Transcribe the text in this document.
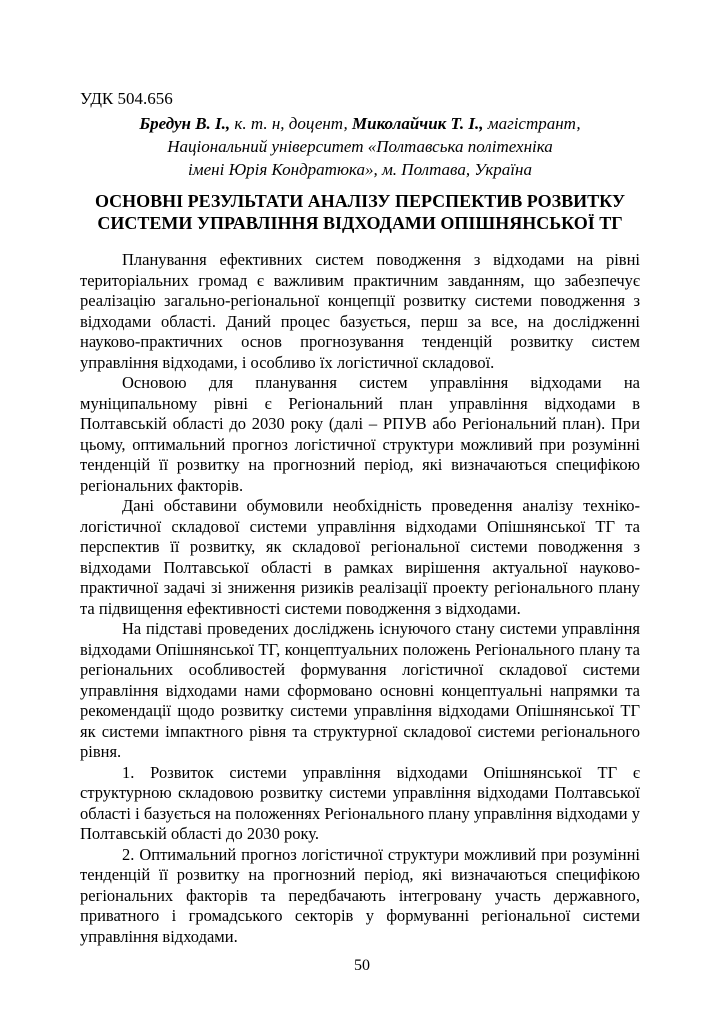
УДК 504.656

Бредун В. І., к. т. н, доцент, Миколайчик Т. І., магістрант,

Національний університет «Полтавська політехніка

імені Юрія Кондратюка», м. Полтава, Україна

ОСНОВНІ РЕЗУЛЬТАТИ АНАЛІЗУ ПЕРСПЕКТИВ РОЗВИТКУ
СИСТЕМИ УПРАВЛІННЯ ВІДХОДАМИ ОПІШНЯНСЬКОЇ ТГ

Планування ефективних систем поводження з відходами на рівні територіальних громад є важливим практичним завданням, що забезпечує реалізацію загально-регіональної концепції розвитку системи поводження з відходами області. Даний процес базується, перш за все, на дослідженні науково-практичних основ прогнозування тенденцій розвитку систем управління відходами, і особливо їх логістичної складової.

Основою для планування систем управління відходами на муніципальному рівні є Регіональний план управління відходами в Полтавській області до 2030 року (далі – РПУВ або Регіональний план). При цьому, оптимальний прогноз логістичної структури можливий при розумінні тенденцій її розвитку на прогнозний період, які визначаються специфікою регіональних факторів.

Дані обставини обумовили необхідність проведення аналізу техніко-логістичної складової системи управління відходами Опішнянської ТГ та перспектив її розвитку, як складової регіональної системи поводження з відходами Полтавської області в рамках вирішення актуальної науково-практичної задачі зі зниження ризиків реалізації проекту регіонального плану та підвищення ефективності системи поводження з відходами.

На підставі проведених досліджень існуючого стану системи управління відходами Опішнянської ТГ, концептуальних положень Регіонального плану та регіональних особливостей формування логістичної складової системи управління відходами нами сформовано основні концептуальні напрямки та рекомендації щодо розвитку системи управління відходами Опішнянської ТГ як системи імпактного рівня та структурної складової системи регіонального рівня.

1. Розвиток системи управління відходами Опішнянської ТГ є структурною складовою розвитку системи управління відходами Полтавської області і базується на положеннях Регіонального плану управління відходами у Полтавській області до 2030 року.

2. Оптимальний прогноз логістичної структури можливий при розумінні тенденцій її розвитку на прогнозний період, які визначаються специфікою регіональних факторів та передбачають інтегровану участь державного, приватного і громадського секторів у формуванні регіональної системи управління відходами.

50
